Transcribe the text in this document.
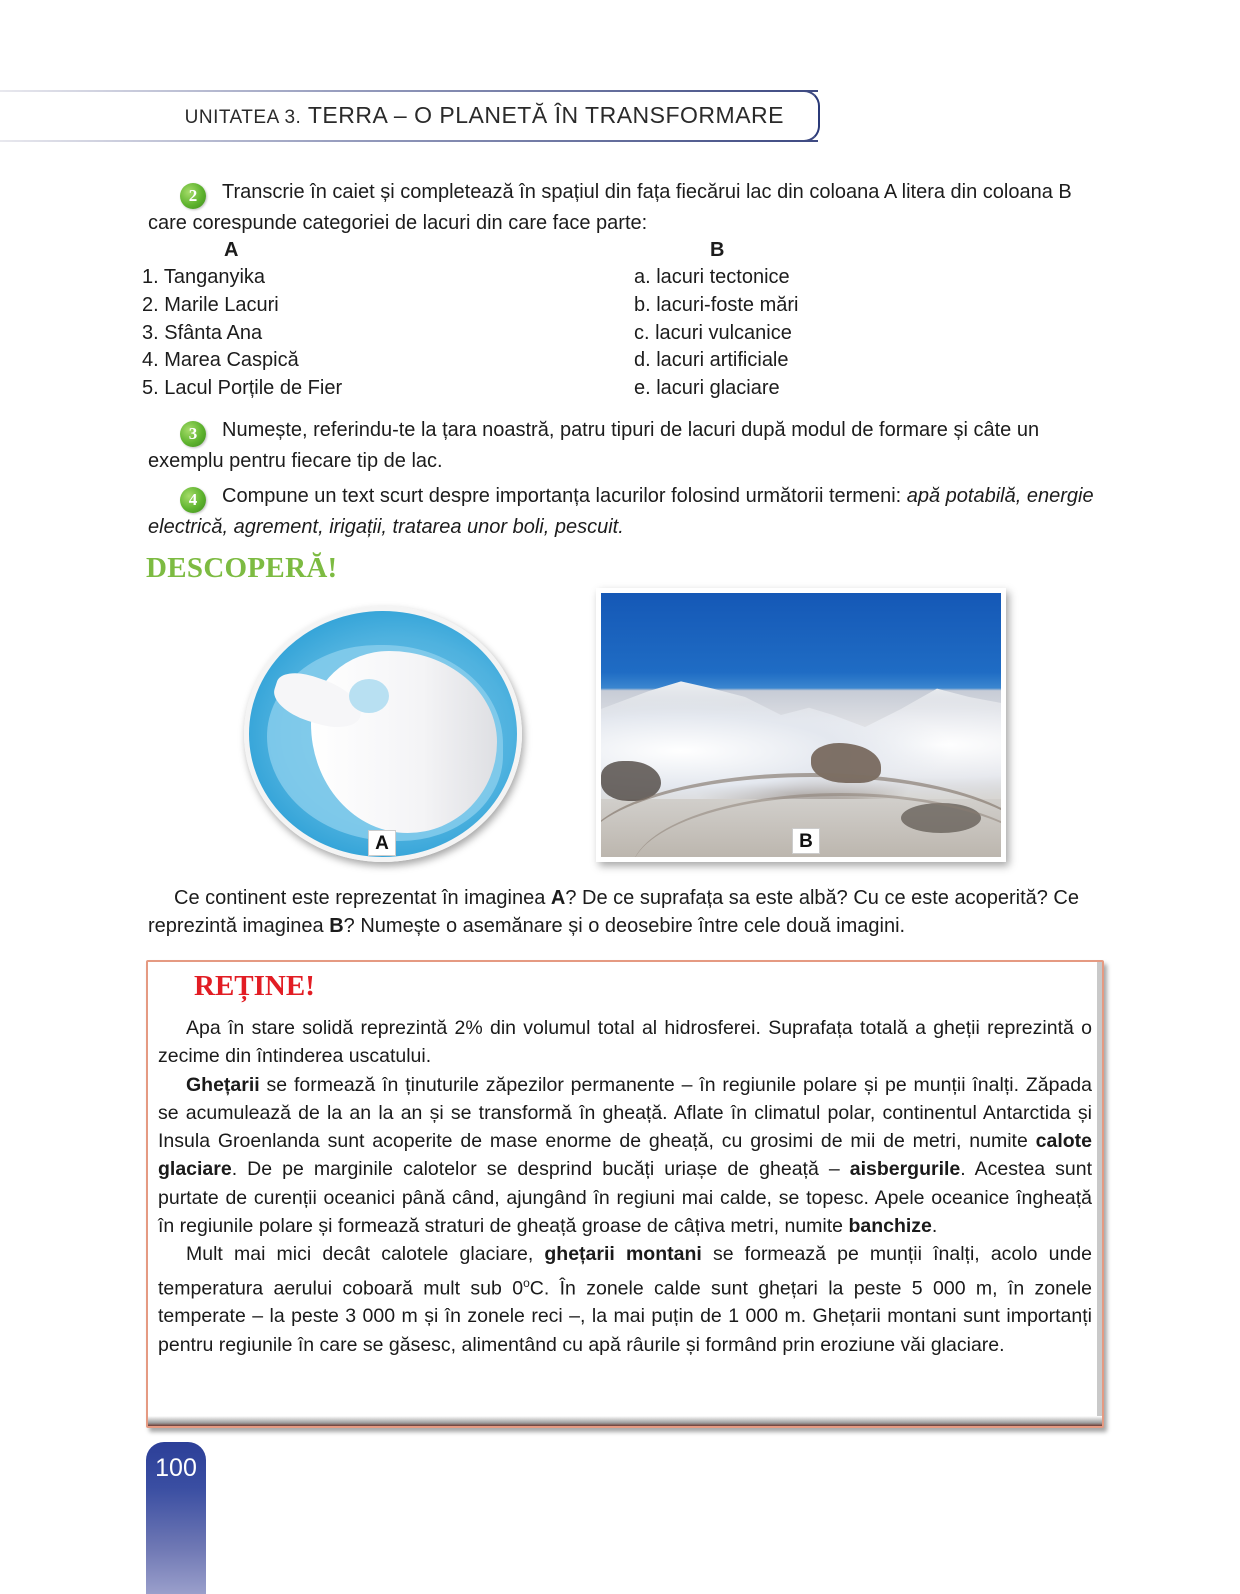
UNITATEA 3. TERRA – O PLANETĂ ÎN TRANSFORMARE
2 Transcrie în caiet și completează în spațiul din fața fiecărui lac din coloana A litera din coloana B care corespunde categoriei de lacuri din care face parte:
A	B
1. Tanganyika
2. Marile Lacuri
3. Sfânta Ana
4. Marea Caspică
5. Lacul Porțile de Fier
a. lacuri tectonice
b. lacuri-foste mări
c. lacuri vulcanice
d. lacuri artificiale
e. lacuri glaciare
3 Numește, referindu-te la țara noastră, patru tipuri de lacuri după modul de formare și câte un exemplu pentru fiecare tip de lac.
4 Compune un text scurt despre importanța lacurilor folosind următorii termeni: apă potabilă, energie electrică, agrement, irigații, tratarea unor boli, pescuit.
DESCOPERĂ!
A	B

Ce continent este reprezentat în imaginea A? De ce suprafața sa este albă? Cu ce este acoperită? Ce reprezintă imaginea B? Numește o asemănare și o deosebire între cele două imagini.

REȚINE!

Apa în stare solidă reprezintă 2% din volumul total al hidrosferei. Suprafața totală a gheții reprezintă o zecime din întinderea uscatului.

Ghețarii se formează în ținuturile zăpezilor permanente – în regiunile polare și pe munții înalți. Zăpada se acumulează de la an la an și se transformă în gheață. Aflate în climatul polar, continentul Antarctida și Insula Groenlanda sunt acoperite de mase enorme de gheață, cu grosimi de mii de metri, numite calote glaciare. De pe marginile calotelor se desprind bucăți uriașe de gheață – aisbergurile. Acestea sunt purtate de curenții oceanici până când, ajungând în regiuni mai calde, se topesc. Apele oceanice îngheață în regiunile polare și formează straturi de gheață groase de câțiva metri, numite banchize.

Mult mai mici decât calotele glaciare, ghețarii montani se formează pe munții înalți, acolo unde temperatura aerului coboară mult sub 0$^o$C. În zonele calde sunt ghețari la peste 5 000 m, în zonele temperate – la peste 3 000 m și în zonele reci –, la mai puțin de 1 000 m. Ghețarii montani sunt importanți pentru regiunile în care se găsesc, alimentând cu apă râurile și formând prin eroziune văi glaciare.

100
